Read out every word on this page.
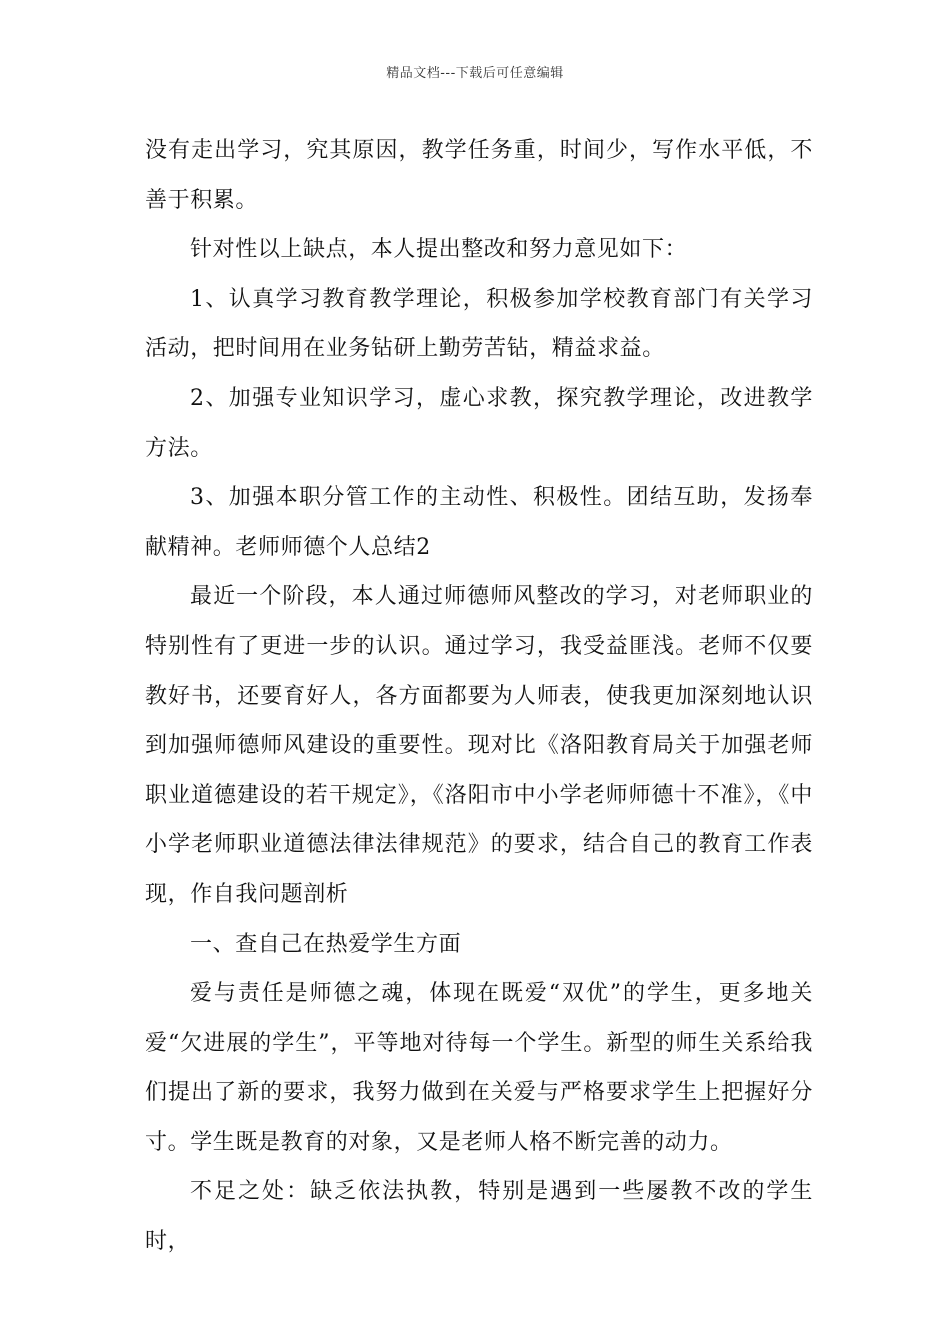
精品文档---下载后可任意编辑

没有走出学习，究其原因，教学任务重，时间少，写作水平低，不善于积累。

针对性以上缺点，本人提出整改和努力意见如下：

1、认真学习教育教学理论，积极参加学校教育部门有关学习活动，把时间用在业务钻研上勤劳苦钻，精益求益。

2、加强专业知识学习，虚心求教，探究教学理论，改进教学方法。

3、加强本职分管工作的主动性、积极性。团结互助，发扬奉献精神。老师师德个人总结2

最近一个阶段，本人通过师德师风整改的学习，对老师职业的特别性有了更进一步的认识。通过学习，我受益匪浅。老师不仅要教好书，还要育好人，各方面都要为人师表，使我更加深刻地认识到加强师德师风建设的重要性。现对比《洛阳教育局关于加强老师职业道德建设的若干规定》，《洛阳市中小学老师师德十不准》，《中小学老师职业道德法律法律规范》的要求，结合自己的教育工作表现，作自我问题剖析

一、查自己在热爱学生方面

爱与责任是师德之魂，体现在既爱“双优”的学生，更多地关爱“欠进展的学生”，平等地对待每一个学生。新型的师生关系给我们提出了新的要求，我努力做到在关爱与严格要求学生上把握好分寸。学生既是教育的对象，又是老师人格不断完善的动力。

不足之处：缺乏依法执教，特别是遇到一些屡教不改的学生时，
